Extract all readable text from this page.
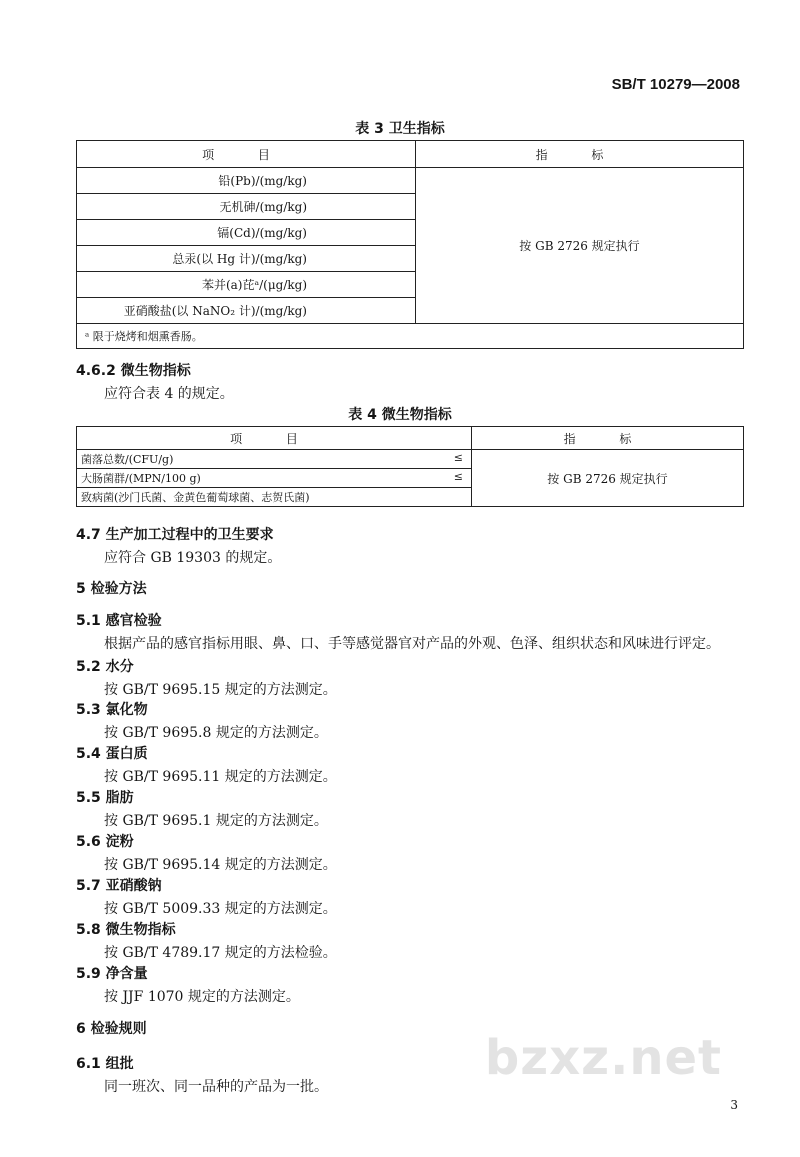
SB/T 10279—2008
表 3 卫生指标
项 目	指 标
铅(Pb)/(mg/kg)	按 GB 2726 规定执行
无机砷/(mg/kg)	
镉(Cd)/(mg/kg)	
总汞(以 Hg 计)/(mg/kg)	
苯并(a)芘ᵃ/(μg/kg)	
亚硝酸盐(以 NaNO₂ 计)/(mg/kg)	
ᵃ 限于烧烤和烟熏香肠。	
4.6.2 微生物指标
应符合表 4 的规定。
表 4 微生物指标
项 目	指 标
菌落总数/(CFU/g) ≤	按 GB 2726 规定执行
大肠菌群/(MPN/100 g) ≤	

致病菌(沙门氏菌、金黄色葡萄球菌、志贺氏菌)	
4.7 生产加工过程中的卫生要求
应符合 GB 19303 的规定。
5 检验方法
5.1 感官检验
根据产品的感官指标用眼、鼻、口、手等感觉器官对产品的外观、色泽、组织状态和风味进行评定。
5.2 水分
按 GB/T 9695.15 规定的方法测定。
5.3 氯化物
按 GB/T 9695.8 规定的方法测定。
5.4 蛋白质
按 GB/T 9695.11 规定的方法测定。
5.5 脂肪
按 GB/T 9695.1 规定的方法测定。
5.6 淀粉
按 GB/T 9695.14 规定的方法测定。
5.7 亚硝酸钠
按 GB/T 5009.33 规定的方法测定。
5.8 微生物指标
按 GB/T 4789.17 规定的方法检验。
5.9 净含量
按 JJF 1070 规定的方法测定。
6 检验规则
6.1 组批
同一班次、同一品种的产品为一批。
bzxz.net
3
